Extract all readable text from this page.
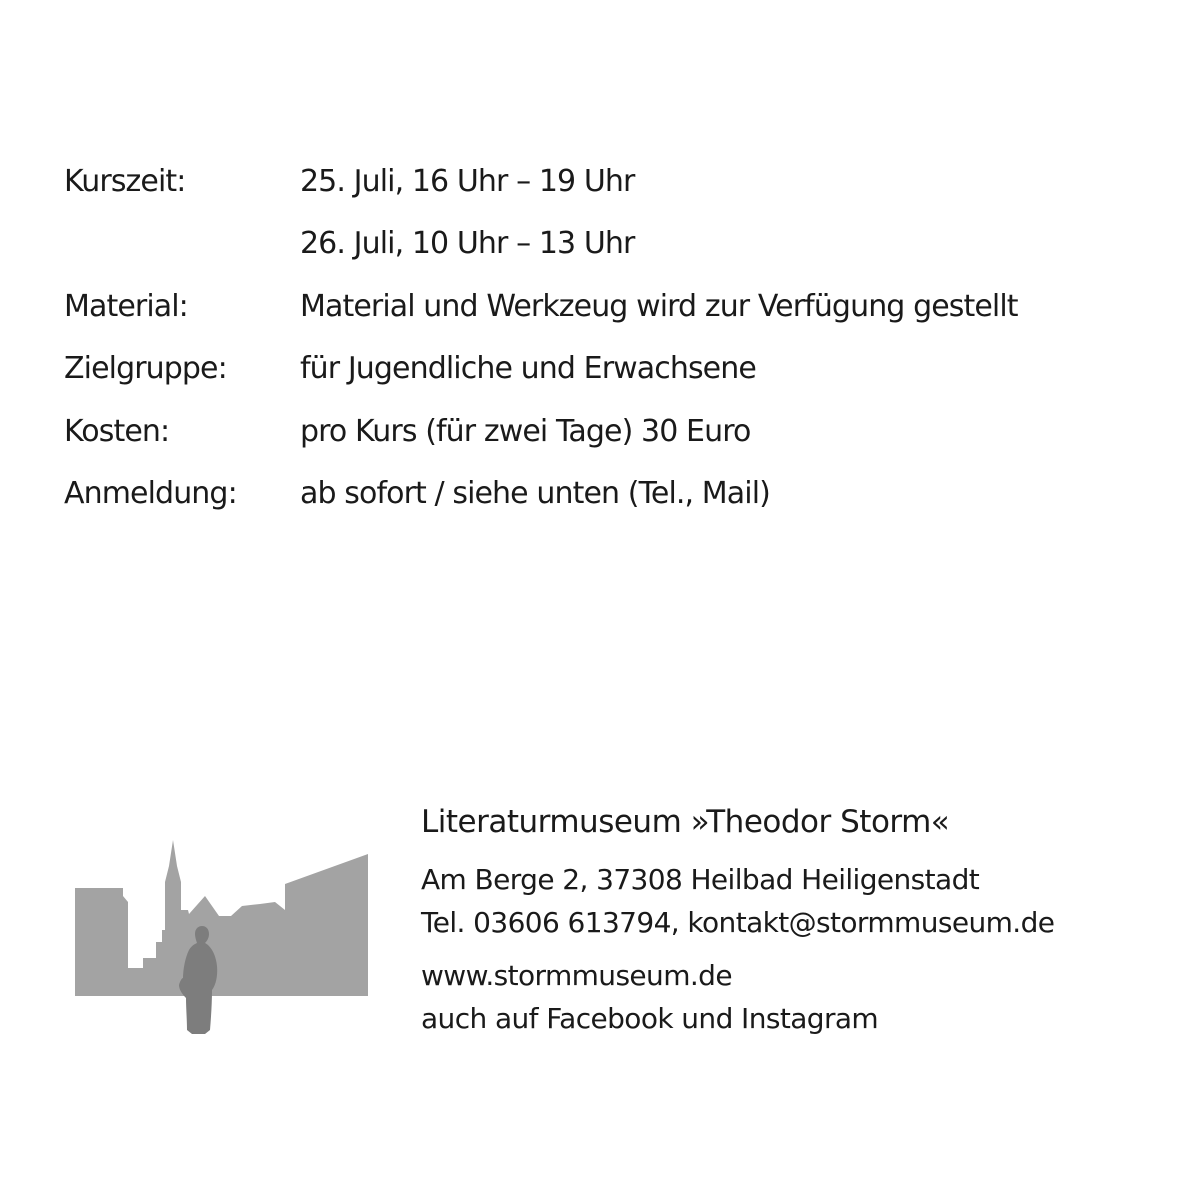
Kurszeit:	25. Juli, 16 Uhr – 19 Uhr
26. Juli, 10 Uhr – 13 Uhr
Material:	Material und Werkzeug wird zur Verfügung gestellt
Zielgruppe:	für Jugendliche und Erwachsene
Kosten:	pro Kurs (für zwei Tage) 30 Euro
Anmeldung:	ab sofort / siehe unten (Tel., Mail)
Literaturmuseum »Theodor Storm«
Am Berge 2, 37308 Heilbad Heiligenstadt
Tel. 03606 613794, kontakt@stormmuseum.de
www.stormmuseum.de
auch auf Facebook und Instagram
